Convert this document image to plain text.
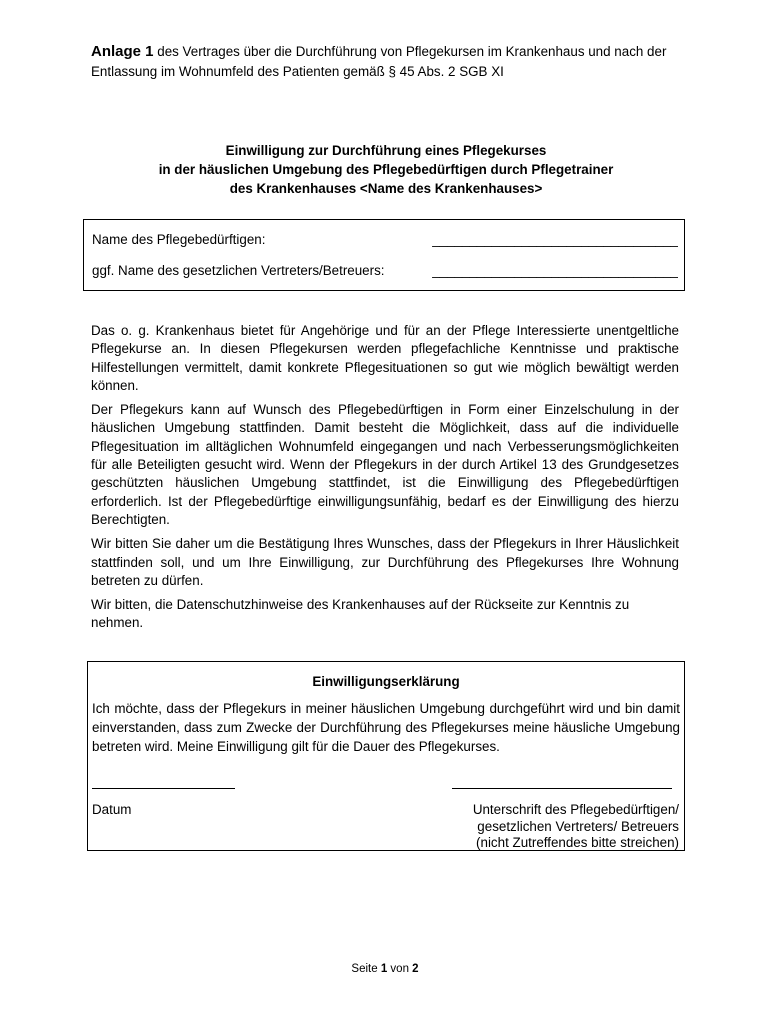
Anlage 1 des Vertrages über die Durchführung von Pflegekursen im Krankenhaus und nach der Entlassung im Wohnumfeld des Patienten gemäß § 45 Abs. 2 SGB XI
Einwilligung zur Durchführung eines Pflegekurses
in der häuslichen Umgebung des Pflegebedürftigen durch Pflegetrainer
des Krankenhauses <Name des Krankenhauses>
Name des Pflegebedürftigen:	_________________________________
ggf. Name des gesetzlichen Vertreters/Betreuers:	_________________________________

Das o. g. Krankenhaus bietet für Angehörige und für an der Pflege Interessierte unentgeltliche Pflegekurse an. In diesen Pflegekursen werden pflegefachliche Kenntnisse und praktische Hilfestellungen vermittelt, damit konkrete Pflegesituationen so gut wie möglich bewältigt werden können.

Der Pflegekurs kann auf Wunsch des Pflegebedürftigen in Form einer Einzelschulung in der häuslichen Umgebung stattfinden. Damit besteht die Möglichkeit, dass auf die individuelle Pflegesituation im alltäglichen Wohnumfeld eingegangen und nach Verbesserungsmöglichkeiten für alle Beteiligten gesucht wird. Wenn der Pflegekurs in der durch Artikel 13 des Grundgesetzes geschützten häuslichen Umgebung stattfindet, ist die Einwilligung des Pflegebedürftigen erforderlich. Ist der Pflegebedürftige einwilligungsunfähig, bedarf es der Einwilligung des hierzu Berechtigten.

Wir bitten Sie daher um die Bestätigung Ihres Wunsches, dass der Pflegekurs in Ihrer Häuslichkeit stattfinden soll, und um Ihre Einwilligung, zur Durchführung des Pflegekurses Ihre Wohnung betreten zu dürfen.

Wir bitten, die Datenschutzhinweise des Krankenhauses auf der Rückseite zur Kenntnis zu nehmen.

Einwilligungserklärung
Ich möchte, dass der Pflegekurs in meiner häuslichen Umgebung durchgeführt wird und bin damit einverstanden, dass zum Zwecke der Durchführung des Pflegekurses meine häusliche Umgebung betreten wird. Meine Einwilligung gilt für die Dauer des Pflegekurses.
Datum	Unterschrift des Pflegebedürftigen/
gesetzlichen Vertreters/ Betreuers
(nicht Zutreffendes bitte streichen)
Seite 1 von 2
